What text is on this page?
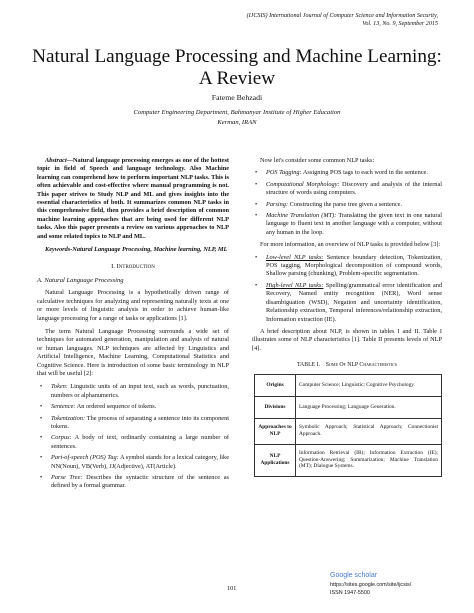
(IJCSIS) International Journal of Computer Science and Information Security,
Vol. 13, No. 9, September 2015
Natural Language Processing and Machine Learning:
A Review
Fateme Behzadi
Computer Engineering Department, Bahmanyar Institute of Higher Education
Kerman, IRAN

Abstract—Natural language processing emerges as one of the hottest topic in field of Speech and language technology. Also Machine learning can comprehend how to perform important NLP tasks. This is often achievable and cost-effective where manual programming is not. This paper strives to Study NLP and ML and gives insights into the essential characteristics of both. It summarizes common NLP tasks in this comprehensive field, then provides a brief description of common machine learning approaches that are being used for different NLP tasks. Also this paper presents a review on various approaches to NLP and some related topics to NLP and ML.

Keywords-Natural Language Processing, Machine learning, NLP, ML

I. Introduction
A. Natural Language Processing

Natural Language Processing is a hypothetically driven range of calculative techniques for analyzing and representing naturally texts at one or more levels of linguistic analysis in order to achieve human-like language processing for a range of tasks or applications [1].

The term Natural Language Processing surrounds a wide set of techniques for automated generation, manipulation and analysis of natural or human languages. NLP techniques are affected by Linguistics and Artificial Intelligence, Machine Learning, Computational Statistics and Cognitive Science. Here is introduction of some basic terminology in NLP that will be useful [2]:

• Token: Linguistic units of an input text, such as words, punctuation, numbers or alphanumerics.
• Sentence: An ordered sequence of tokens.
• Tokenization: The process of separating a sentence into its component tokens.
• Corpus: A body of text, ordinarily containing a large number of sentences.
• Part-of-speech (POS) Tag: A symbol stands for a lexical category, like NN(Noun), VB(Verb), JJ(Adjective), AT(Article).
• Parse Tree: Describes the syntactic structure of the sentence as defined by a formal grammar.

Now let's consider some common NLP tasks:

• POS Tagging: Assigning POS tags to each word in the sentence.
• Computational Morphology: Discovery and analysis of the internal structure of words using computers.
• Parsing: Constructing the parse tree given a sentence.
• Machine Translation (MT): Translating the given text in one natural language to fluent text in another language with a computer, without any human in the loop.

For more information, an overview of NLP tasks is provided below [3]:

• Low-level NLP tasks: Sentence boundary detection, Tokenization, POS tagging, Morphological decomposition of compound words, Shallow parsing (chunking), Problem-specific segmentation.
• High-level NLP tasks: Spelling/grammatical error identification and Recovery, Named entity recognition (NER), Word sense disambiguation (WSD), Negation and uncertainty identification, Relationship extraction, Temporal inferences/relationship extraction, Information extraction (IE).

A brief description about NLP, is shown in tables I and II. Table I illustrates some of NLP characteristics [1]. Table II presents levels of NLP [4].

TABLE I. Some Of NLP Characteristics
Origins	Computer Science; Linguistic; Cognitive Psychology.
Divisions	Language Processing; Language Generation.
Approaches to NLP	Symbolic Approach; Statistical Approach; Connectionist Approach.
NLP Applications	Information Retrieval (IR); Information Extraction (IE); Question-Answering; Summarization; Machine Translation (MT); Dialogue Systems.
101
Google scholar
https://sites.google.com/site/ijcsis/
ISSN 1947-5500
